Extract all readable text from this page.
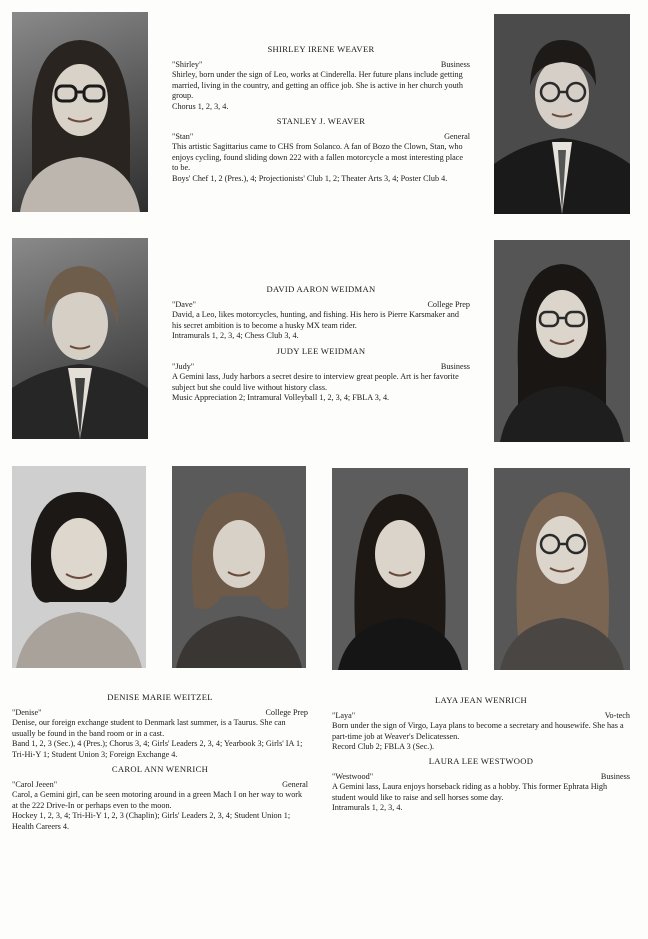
SHIRLEY IRENE WEAVER
"Shirley"	Business

Shirley, born under the sign of Leo, works at Cinderella. Her future plans include getting married, living in the country, and getting an office job. She is active in her church youth group.

Chorus 1, 2, 3, 4.

STANLEY J. WEAVER
"Stan"	General

This artistic Sagittarius came to CHS from Solanco. A fan of Bozo the Clown, Stan, who enjoys cycling, found sliding down 222 with a fallen motorcycle a most interesting place to be.

Boys' Chef 1, 2 (Pres.), 4; Projectionists' Club 1, 2; Theater Arts 3, 4; Poster Club 4.

DAVID AARON WEIDMAN
"Dave"	College Prep

David, a Leo, likes motorcycles, hunting, and fishing. His hero is Pierre Karsmaker and his secret ambition is to become a husky MX team rider.

Intramurals 1, 2, 3, 4; Chess Club 3, 4.

JUDY LEE WEIDMAN
"Judy"	Business

A Gemini lass, Judy harbors a secret desire to interview great people. Art is her favorite subject but she could live without history class.

Music Appreciation 2; Intramural Volleyball 1, 2, 3, 4; FBLA 3, 4.

DENISE MARIE WEITZEL
"Denise"	College Prep

Denise, our foreign exchange student to Denmark last summer, is a Taurus. She can usually be found in the band room or in a cast.

Band 1, 2, 3 (Sec.), 4 (Pres.); Chorus 3, 4; Girls' Leaders 2, 3, 4; Yearbook 3; Girls' IA 1; Tri-Hi-Y 1; Student Union 3; Foreign Exchange 4.

CAROL ANN WENRICH
"Carol Jeeen"	General

Carol, a Gemini girl, can be seen motoring around in a green Mach I on her way to work at the 222 Drive-In or perhaps even to the moon.

Hockey 1, 2, 3, 4; Tri-Hi-Y 1, 2, 3 (Chaplin); Girls' Leaders 2, 3, 4; Student Union 1; Health Careers 4.

LAYA JEAN WENRICH
"Laya"	Vo-tech

Born under the sign of Virgo, Laya plans to become a secretary and housewife. She has a part-time job at Weaver's Delicatessen.

Record Club 2; FBLA 3 (Sec.).

LAURA LEE WESTWOOD
"Westwood"	Business

A Gemini lass, Laura enjoys horseback riding as a hobby. This former Ephrata High student would like to raise and sell horses some day.

Intramurals 1, 2, 3, 4.
